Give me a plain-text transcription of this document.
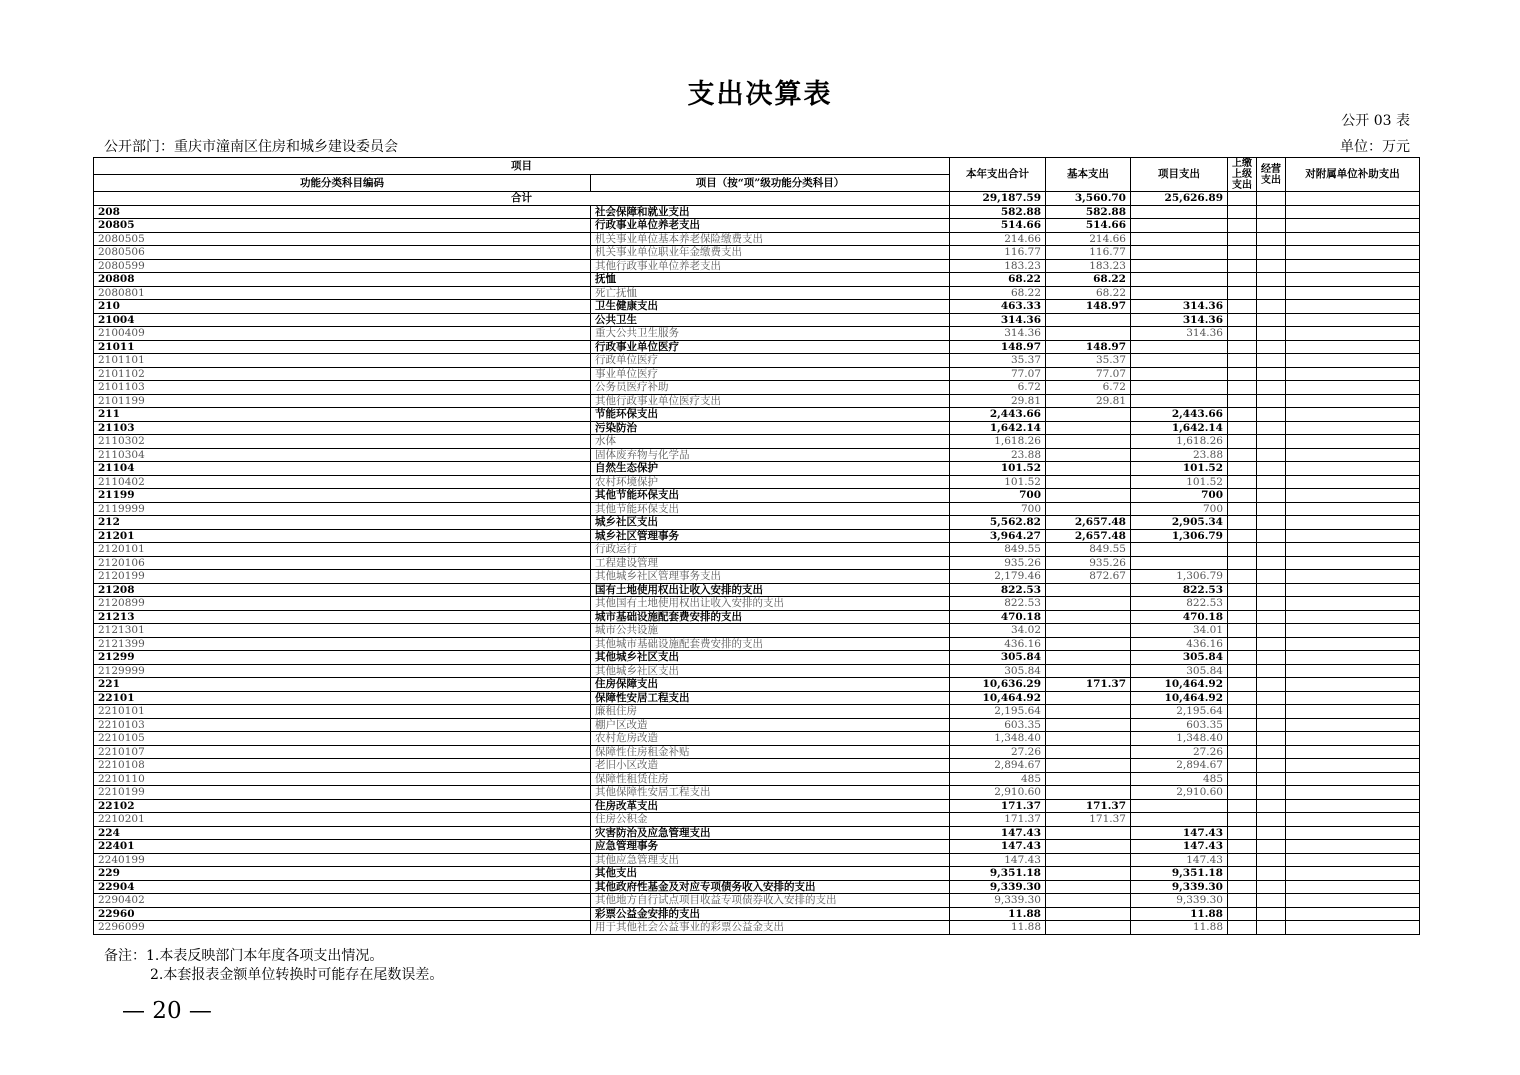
支出决算表
公开 03 表
公开部门：重庆市潼南区住房和城乡建设委员会	单位：万元
项目		本年支出合计	基本支出	项目支出	上缴上级支出	经营支出	对附属单位补助支出
功能分类科目编码	项目（按“项”级功能分类科目）						
合计		29,187.59	3,560.70	25,626.89			
208	社会保障和就业支出	582.88	582.88				
20805	行政事业单位养老支出	514.66	514.66				
2080505	机关事业单位基本养老保险缴费支出	214.66	214.66				
2080506	机关事业单位职业年金缴费支出	116.77	116.77				
2080599	其他行政事业单位养老支出	183.23	183.23				
20808	抚恤	68.22	68.22				
2080801	死亡抚恤	68.22	68.22				
210	卫生健康支出	463.33	148.97	314.36			
21004	公共卫生	314.36		314.36			
2100409	重大公共卫生服务	314.36		314.36			
21011	行政事业单位医疗	148.97	148.97				
2101101	行政单位医疗	35.37	35.37				
2101102	事业单位医疗	77.07	77.07				
2101103	公务员医疗补助	6.72	6.72				
2101199	其他行政事业单位医疗支出	29.81	29.81				
211	节能环保支出	2,443.66		2,443.66			
21103	污染防治	1,642.14		1,642.14			
2110302	水体	1,618.26		1,618.26			
2110304	固体废弃物与化学品	23.88		23.88			
21104	自然生态保护	101.52		101.52			
2110402	农村环境保护	101.52		101.52			
21199	其他节能环保支出	700		700			
2119999	其他节能环保支出	700		700			
212	城乡社区支出	5,562.82	2,657.48	2,905.34			
21201	城乡社区管理事务	3,964.27	2,657.48	1,306.79			
2120101	行政运行	849.55	849.55				
2120106	工程建设管理	935.26	935.26				
2120199	其他城乡社区管理事务支出	2,179.46	872.67	1,306.79			
21208	国有土地使用权出让收入安排的支出	822.53		822.53			
2120899	其他国有土地使用权出让收入安排的支出	822.53		822.53			
21213	城市基础设施配套费安排的支出	470.18		470.18			
2121301	城市公共设施	34.02		34.01			
2121399	其他城市基础设施配套费安排的支出	436.16		436.16			
21299	其他城乡社区支出	305.84		305.84			
2129999	其他城乡社区支出	305.84		305.84			
221	住房保障支出	10,636.29	171.37	10,464.92			
22101	保障性安居工程支出	10,464.92		10,464.92			
2210101	廉租住房	2,195.64		2,195.64			
2210103	棚户区改造	603.35		603.35			
2210105	农村危房改造	1,348.40		1,348.40			
2210107	保障性住房租金补贴	27.26		27.26			
2210108	老旧小区改造	2,894.67		2,894.67			
2210110	保障性租赁住房	485		485			
2210199	其他保障性安居工程支出	2,910.60		2,910.60			
22102	住房改革支出	171.37	171.37				
2210201	住房公积金	171.37	171.37				
224	灾害防治及应急管理支出	147.43		147.43			
22401	应急管理事务	147.43		147.43			
2240199	其他应急管理支出	147.43		147.43			
229	其他支出	9,351.18		9,351.18			
22904	其他政府性基金及对应专项债务收入安排的支出	9,339.30		9,339.30			
2290402	其他地方自行试点项目收益专项债券收入安排的支出	9,339.30		9,339.30			
22960	彩票公益金安排的支出	11.88		11.88			
2296099	用于其他社会公益事业的彩票公益金支出	11.88		11.88			
备注：1.本表反映部门本年度各项支出情况。
2.本套报表金额单位转换时可能存在尾数误差。
— 20 —
